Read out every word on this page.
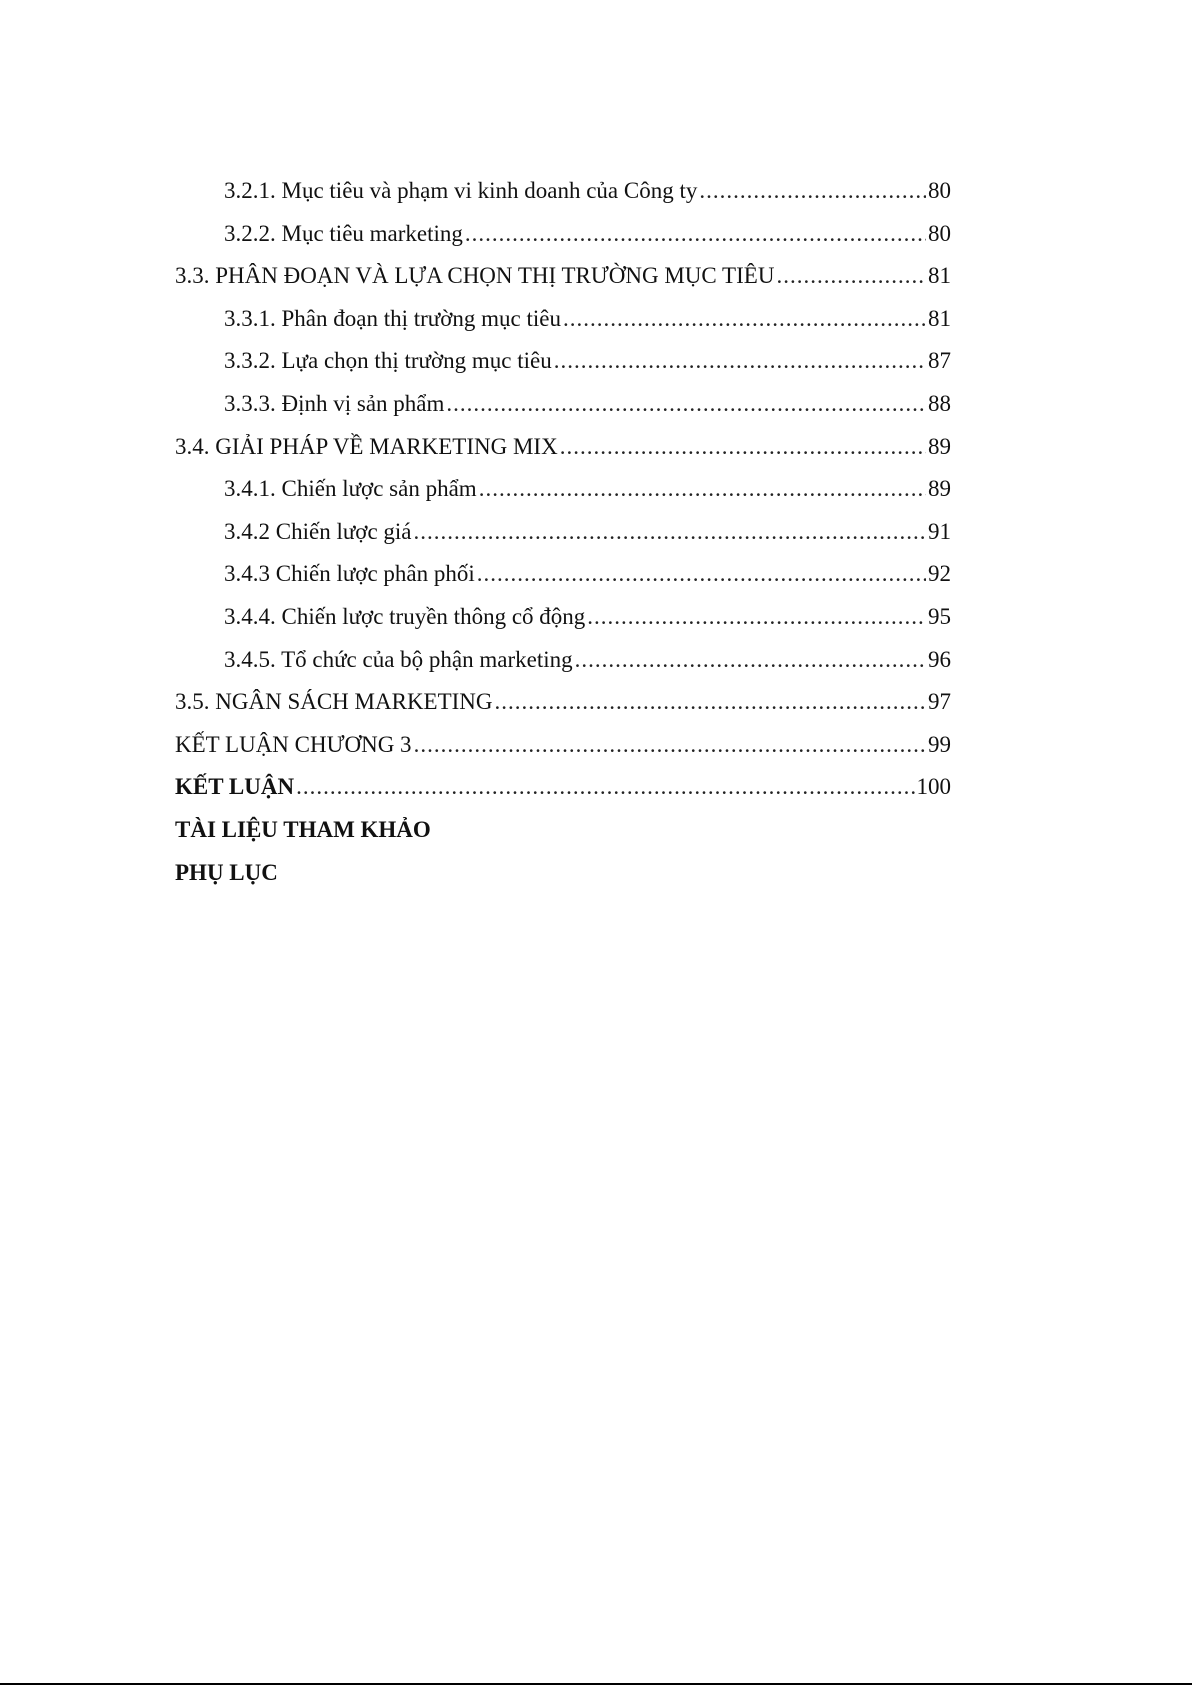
3.2.1. Mục tiêu và phạm vi kinh doanh của Công ty .....	80
3.2.2. Mục tiêu marketing .....	80
3.3. PHÂN ĐOẠN VÀ LỰA CHỌN THỊ TRƯỜNG MỤC TIÊU .....	81
3.3.1. Phân đoạn thị trường mục tiêu .....	81
3.3.2. Lựa chọn thị trường mục tiêu .....	87
3.3.3. Định vị sản phẩm .....	88
3.4. GIẢI PHÁP VỀ MARKETING MIX .....	89
3.4.1. Chiến lược sản phẩm .....	89
3.4.2 Chiến lược giá .....	91
3.4.3 Chiến lược phân phối .....	92
3.4.4. Chiến lược truyền thông cổ động .....	95
3.4.5. Tổ chức của bộ phận marketing .....	96
3.5. NGÂN SÁCH MARKETING .....	97
KẾT LUẬN CHƯƠNG 3 .....	99
KẾT LUẬN .....	100
TÀI LIỆU THAM KHẢO
PHỤ LỤC
